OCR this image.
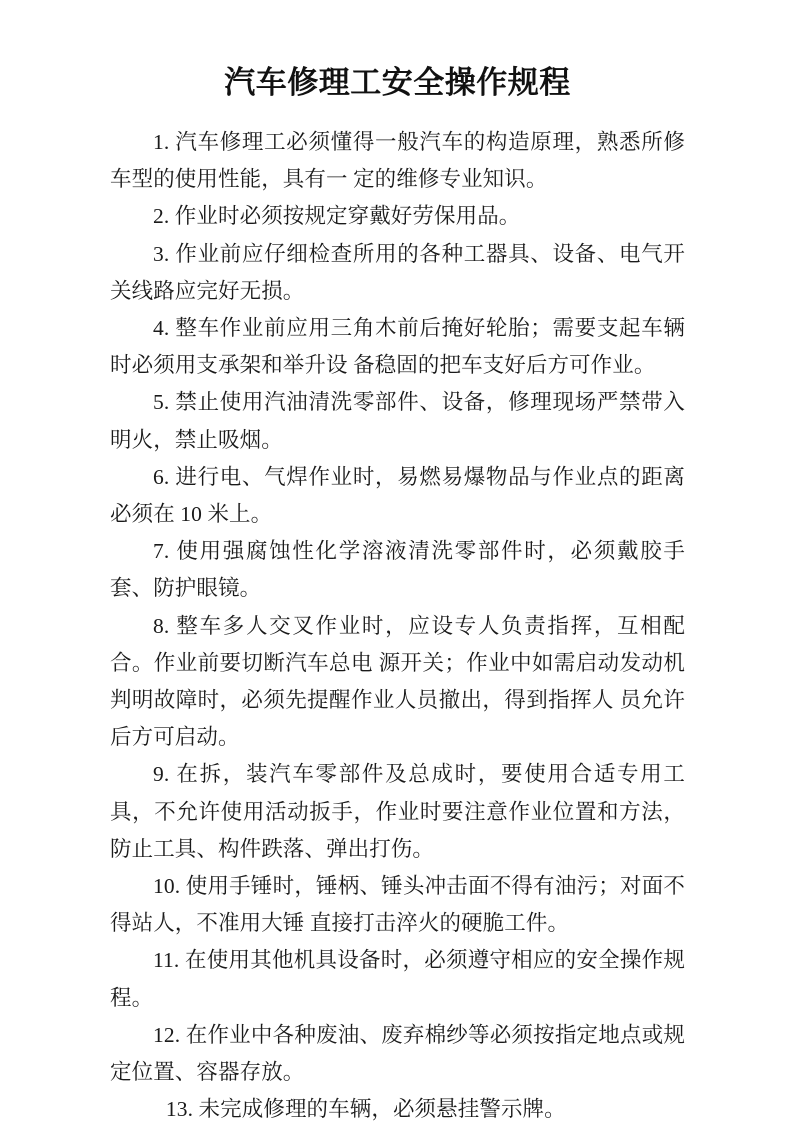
汽车修理工安全操作规程

1. 汽车修理工必须懂得一般汽车的构造原理，熟悉所修车型的使用性能，具有一 定的维修专业知识。

2. 作业时必须按规定穿戴好劳保用品。

3. 作业前应仔细检查所用的各种工器具、设备、电气开关线路应完好无损。

4. 整车作业前应用三角木前后掩好轮胎；需要支起车辆时必须用支承架和举升设 备稳固的把车支好后方可作业。

5. 禁止使用汽油清洗零部件、设备，修理现场严禁带入明火，禁止吸烟。

6. 进行电、气焊作业时，易燃易爆物品与作业点的距离必须在 10 米上。

7. 使用强腐蚀性化学溶液清洗零部件时，必须戴胶手套、防护眼镜。

8. 整车多人交叉作业时，应设专人负责指挥，互相配合。作业前要切断汽车总电 源开关；作业中如需启动发动机判明故障时，必须先提醒作业人员撤出，得到指挥人 员允许后方可启动。

9. 在拆，装汽车零部件及总成时，要使用合适专用工具，不允许使用活动扳手，作业时要注意作业位置和方法，防止工具、构件跌落、弹出打伤。

10. 使用手锤时，锤柄、锤头冲击面不得有油污；对面不得站人，不准用大锤 直接打击淬火的硬脆工件。

11. 在使用其他机具设备时，必须遵守相应的安全操作规程。

12. 在作业中各种废油、废弃棉纱等必须按指定地点或规定位置、容器存放。

13. 未完成修理的车辆，必须悬挂警示牌。
